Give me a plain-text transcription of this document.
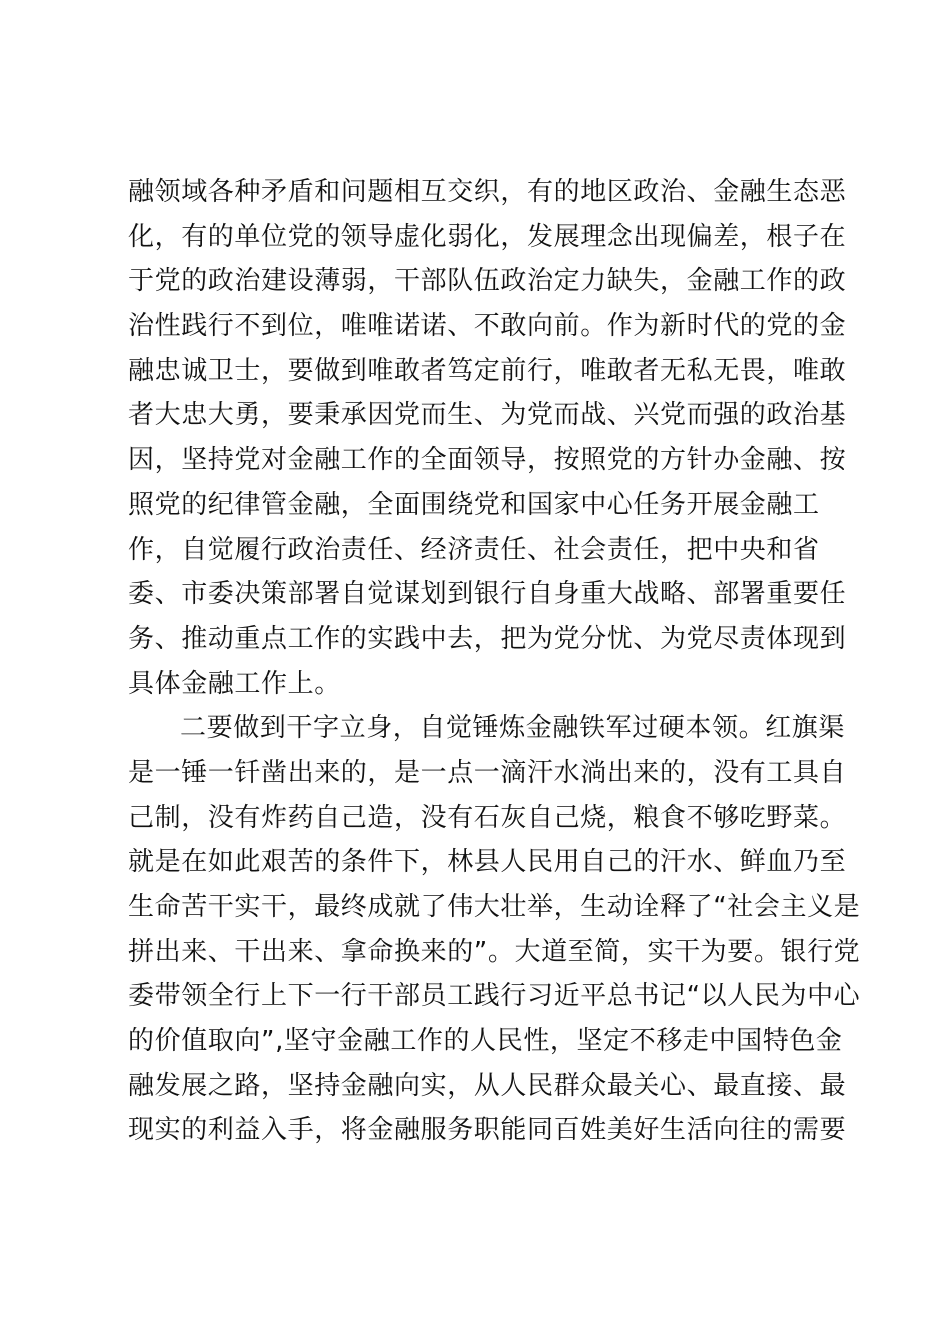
融领域各种矛盾和问题相互交织，有的地区政治、金融生态恶
化，有的单位党的领导虚化弱化，发展理念出现偏差，根子在
于党的政治建设薄弱，干部队伍政治定力缺失，金融工作的政
治性践行不到位，唯唯诺诺、不敢向前。作为新时代的党的金
融忠诚卫士，要做到唯敢者笃定前行，唯敢者无私无畏，唯敢
者大忠大勇，要秉承因党而生、为党而战、兴党而强的政治基
因，坚持党对金融工作的全面领导，按照党的方针办金融、按
照党的纪律管金融，全面围绕党和国家中心任务开展金融工
作，自觉履行政治责任、经济责任、社会责任，把中央和省
委、市委决策部署自觉谋划到银行自身重大战略、部署重要任
务、推动重点工作的实践中去，把为党分忧、为党尽责体现到
具体金融工作上。
二要做到干字立身，自觉锤炼金融铁军过硬本领。红旗渠
是一锤一钎凿出来的，是一点一滴汗水淌出来的，没有工具自
己制，没有炸药自己造，没有石灰自己烧，粮食不够吃野菜。
就是在如此艰苦的条件下，林县人民用自己的汗水、鲜血乃至
生命苦干实干，最终成就了伟大壮举，生动诠释了“社会主义是
拼出来、干出来、拿命换来的”。大道至简，实干为要。银行党
委带领全行上下一行干部员工践行习近平总书记“以人民为中心
的价值取向”,坚守金融工作的人民性，坚定不移走中国特色金
融发展之路，坚持金融向实，从人民群众最关心、最直接、最
现实的利益入手，将金融服务职能同百姓美好生活向往的需要
